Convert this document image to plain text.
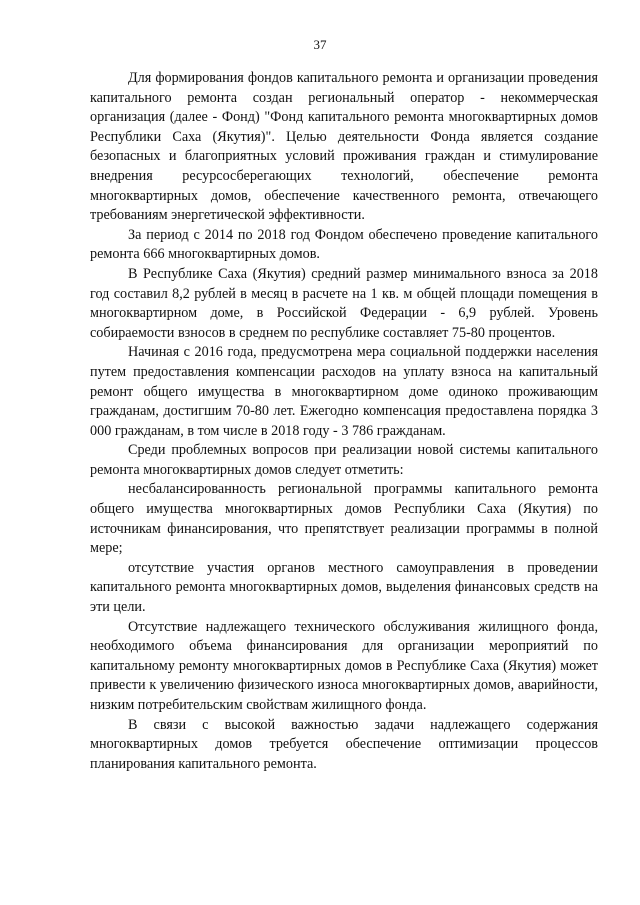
37

Для формирования фондов капитального ремонта и организации проведения капитального ремонта создан региональный оператор - некоммерческая организация (далее - Фонд) "Фонд капитального ремонта многоквартирных домов Республики Саха (Якутия)". Целью деятельности Фонда является создание безопасных и благоприятных условий проживания граждан и стимулирование внедрения ресурсосберегающих технологий, обеспечение ремонта многоквартирных домов, обеспечение качественного ремонта, отвечающего требованиям энергетической эффективности.

За период с 2014 по 2018 год Фондом обеспечено проведение капитального ремонта 666 многоквартирных домов.

В Республике Саха (Якутия) средний размер минимального взноса за 2018 год составил 8,2 рублей в месяц в расчете на 1 кв. м общей площади помещения в многоквартирном доме, в Российской Федерации - 6,9 рублей. Уровень собираемости взносов в среднем по республике составляет 75-80 процентов.

Начиная с 2016 года, предусмотрена мера социальной поддержки населения путем предоставления компенсации расходов на уплату взноса на капитальный ремонт общего имущества в многоквартирном доме одиноко проживающим гражданам, достигшим 70-80 лет. Ежегодно компенсация предоставлена порядка 3 000 гражданам, в том числе в 2018 году - 3 786 гражданам.

Среди проблемных вопросов при реализации новой системы капитального ремонта многоквартирных домов следует отметить:

несбалансированность региональной программы капитального ремонта общего имущества многоквартирных домов Республики Саха (Якутия) по источникам финансирования, что препятствует реализации программы в полной мере;

отсутствие участия органов местного самоуправления в проведении капитального ремонта многоквартирных домов, выделения финансовых средств на эти цели.

Отсутствие надлежащего технического обслуживания жилищного фонда, необходимого объема финансирования для организации мероприятий по капитальному ремонту многоквартирных домов в Республике Саха (Якутия) может привести к увеличению физического износа многоквартирных домов, аварийности, низким потребительским свойствам жилищного фонда.

В связи с высокой важностью задачи надлежащего содержания многоквартирных домов требуется обеспечение оптимизации процессов планирования капитального ремонта.
